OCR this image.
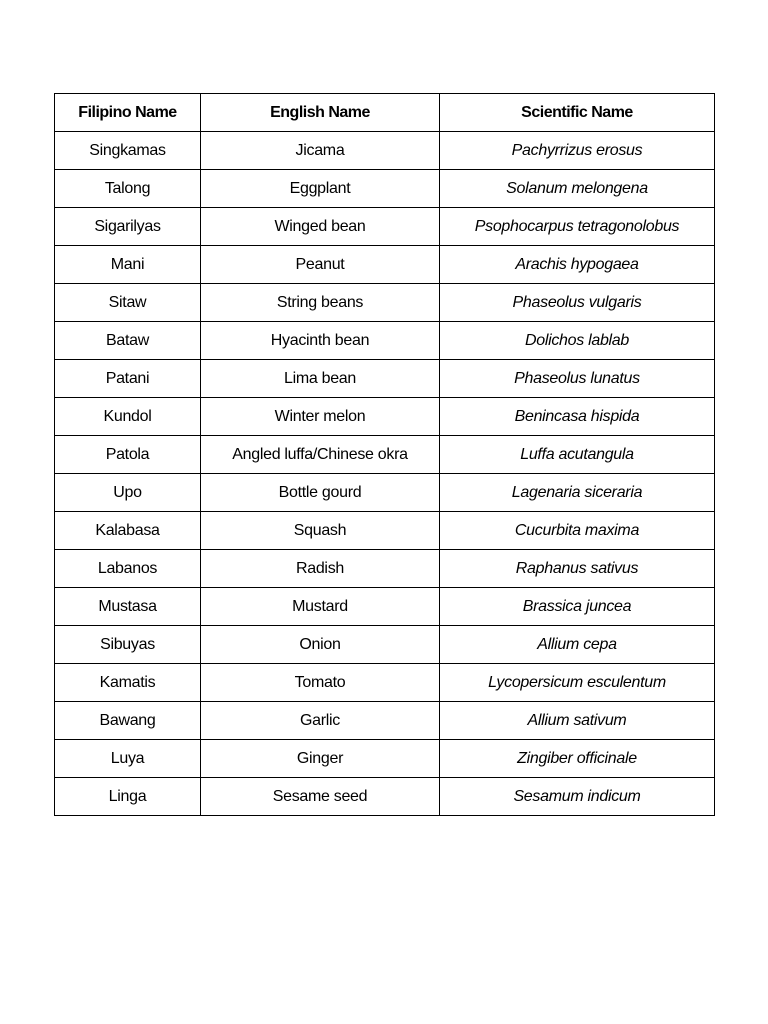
Filipino Name	English Name	Scientific Name
Singkamas	Jicama	Pachyrrizus erosus
Talong	Eggplant	Solanum melongena
Sigarilyas	Winged bean	Psophocarpus tetragonolobus
Mani	Peanut	Arachis hypogaea
Sitaw	String beans	Phaseolus vulgaris
Bataw	Hyacinth bean	Dolichos lablab
Patani	Lima bean	Phaseolus lunatus
Kundol	Winter melon	Benincasa hispida
Patola	Angled luffa/Chinese okra	Luffa acutangula
Upo	Bottle gourd	Lagenaria siceraria
Kalabasa	Squash	Cucurbita maxima
Labanos	Radish	Raphanus sativus
Mustasa	Mustard	Brassica juncea
Sibuyas	Onion	Allium cepa
Kamatis	Tomato	Lycopersicum esculentum
Bawang	Garlic	Allium sativum
Luya	Ginger	Zingiber officinale
Linga	Sesame seed	Sesamum indicum
